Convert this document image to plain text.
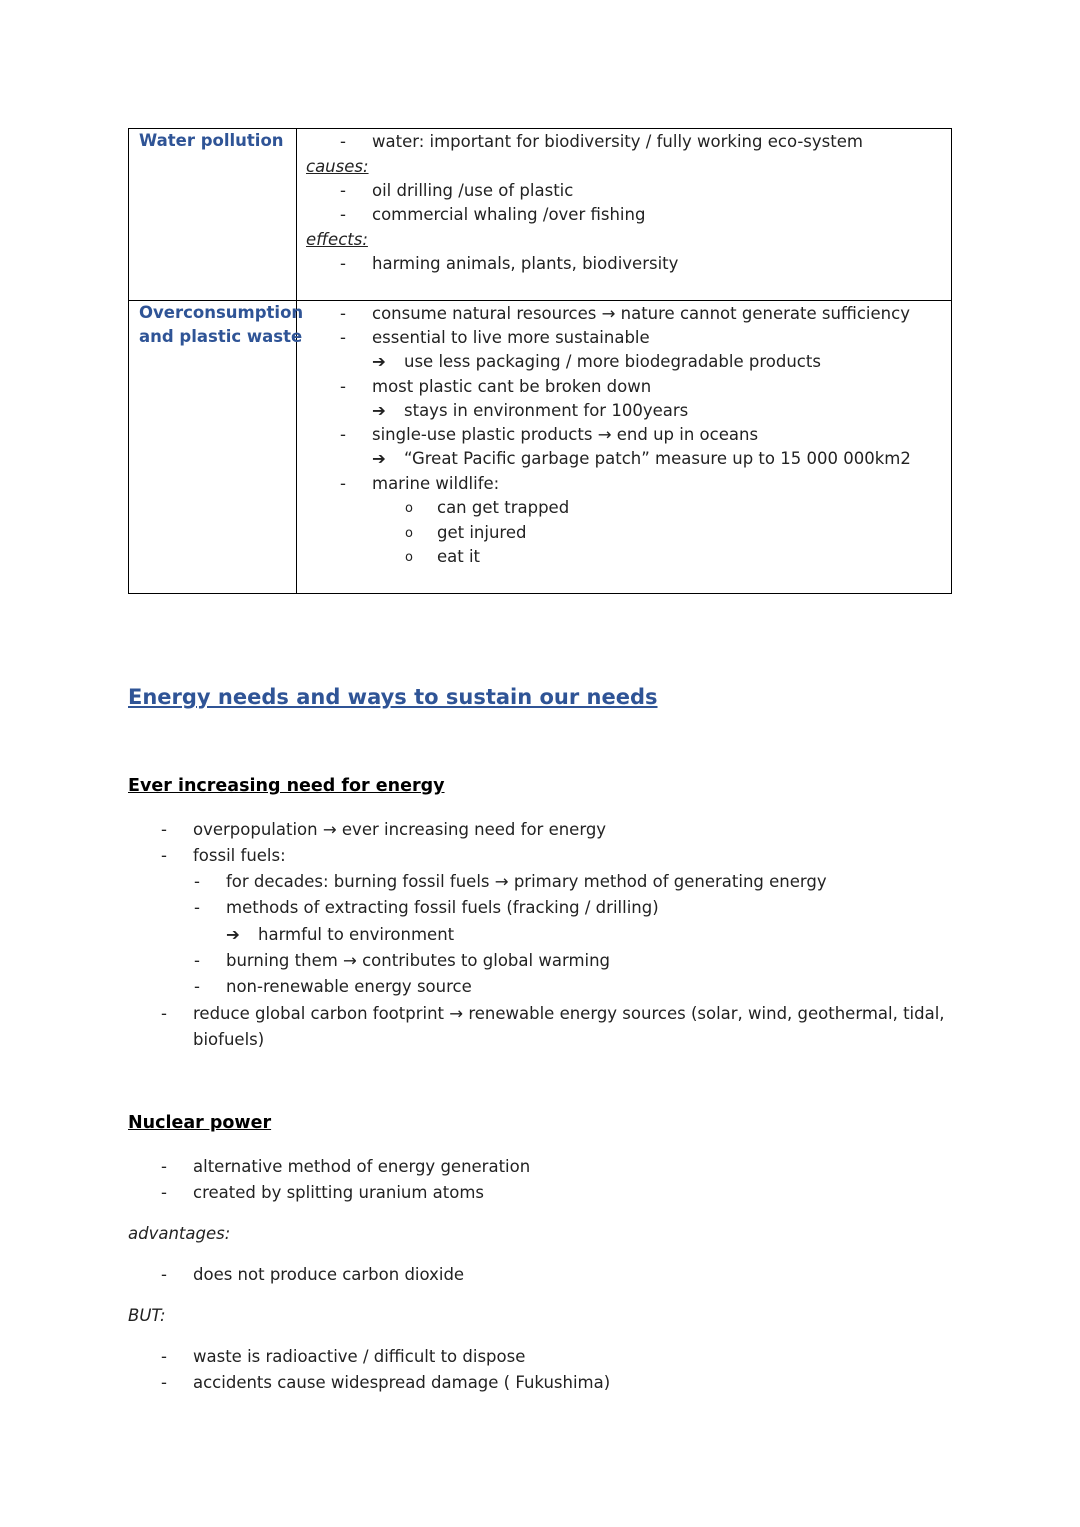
Water pollution	- water: important for biodiversity / fully working eco-system
causes:
- oil drilling /use of plastic
- commercial whaling /over fishing
effects:
- harming animals, plants, biodiversity
Overconsumption
and plastic waste
- consume natural resources → nature cannot generate sufficiency
- essential to live more sustainable
➔ use less packaging / more biodegradable products
- most plastic cant be broken down
➔ stays in environment for 100years
- single-use plastic products → end up in oceans
➔ “Great Pacific garbage patch” measure up to 15 000 000km2
- marine wildlife:
o can get trapped
o get injured
o eat it
Energy needs and ways to sustain our needs
Ever increasing need for energy
- overpopulation → ever increasing need for energy
- fossil fuels:
- for decades: burning fossil fuels → primary method of generating energy
- methods of extracting fossil fuels (fracking / drilling)
➔ harmful to environment
- burning them → contributes to global warming
- non-renewable energy source
- reduce global carbon footprint → renewable energy sources (solar, wind, geothermal, tidal,
biofuels)
Nuclear power
- alternative method of energy generation
- created by splitting uranium atoms
advantages:
- does not produce carbon dioxide
BUT:
- waste is radioactive / difficult to dispose
- accidents cause widespread damage ( Fukushima)
